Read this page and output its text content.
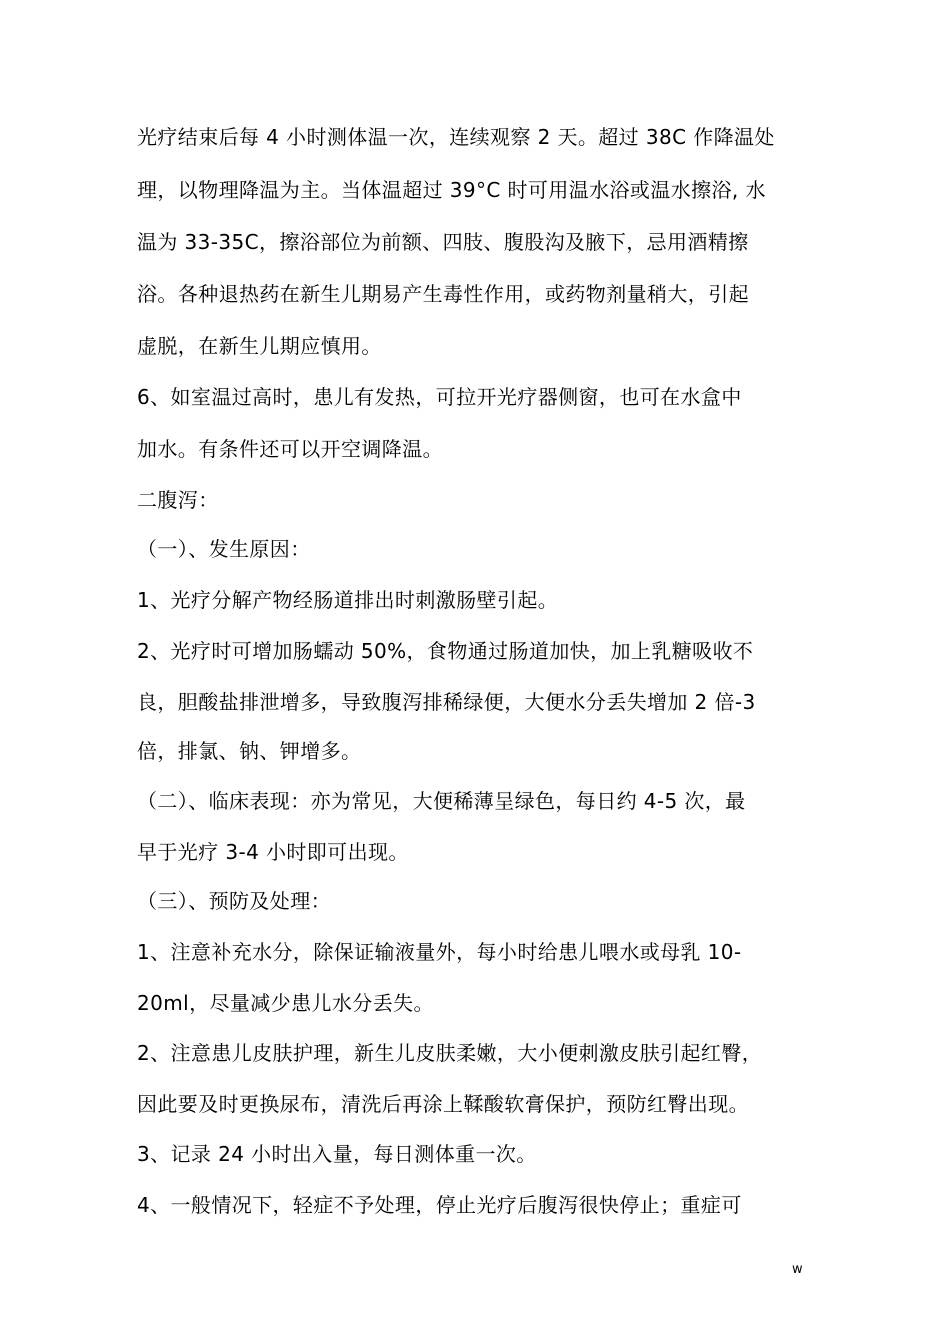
光疗结束后每 4 小时测体温一次，连续观察 2 天。超过 38C 作降温处
理，以物理降温为主。当体温超过 39°C 时可用温水浴或温水擦浴, 水
温为 33-35C，擦浴部位为前额、四肢、腹股沟及腋下，忌用酒精擦
浴。各种退热药在新生儿期易产生毒性作用，或药物剂量稍大，引起
虚脱，在新生儿期应慎用。
6、如室温过高时，患儿有发热，可拉开光疗器侧窗，也可在水盒中
加水。有条件还可以开空调降温。
二腹泻：
（一）、发生原因：
1、光疗分解产物经肠道排出时刺激肠壁引起。
2、光疗时可增加肠蠕动 50%，食物通过肠道加快，加上乳糖吸收不
良，胆酸盐排泄增多，导致腹泻排稀绿便，大便水分丢失增加 2 倍-3
倍，排氯、钠、钾增多。
（二）、临床表现：亦为常见，大便稀薄呈绿色，每日约 4-5 次，最
早于光疗 3-4 小时即可出现。
（三）、预防及处理：
1、注意补充水分，除保证输液量外，每小时给患儿喂水或母乳 10-
20ml，尽量减少患儿水分丢失。
2、注意患儿皮肤护理，新生儿皮肤柔嫩，大小便刺激皮肤引起红臀，
因此要及时更换尿布，清洗后再涂上鞣酸软膏保护，预防红臀出现。
3、记录 24 小时出入量，每日测体重一次。
4、一般情况下，轻症不予处理，停止光疗后腹泻很快停止；重症可
w
